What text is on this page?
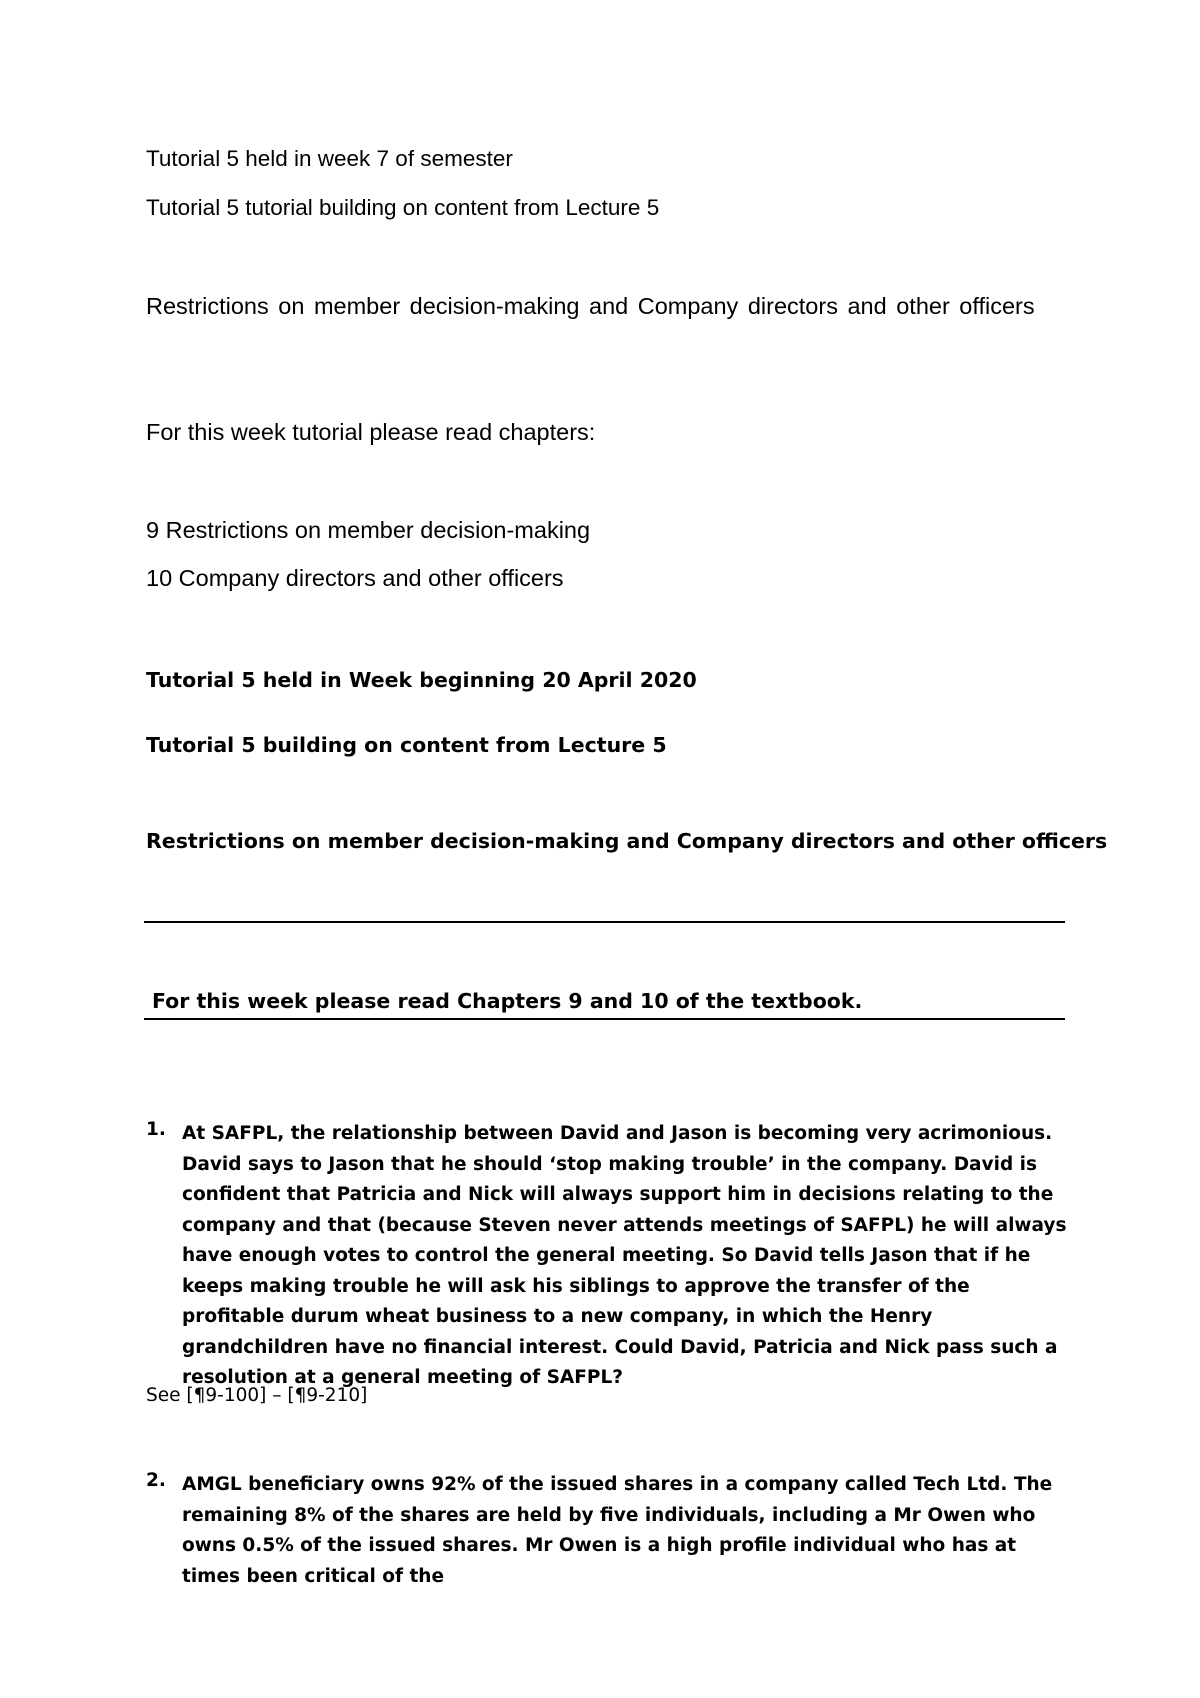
Tutorial 5 held in week 7 of semester

Tutorial 5 tutorial building on content from Lecture 5

Restrictions on member decision-making and Company directors and other officers

For this week tutorial please read chapters:

9 Restrictions on member decision-making

10 Company directors and other officers

Tutorial 5 held in Week beginning 20 April 2020

Tutorial 5 building on content from Lecture 5

Restrictions on member decision-making and Company directors and other officers

For this week please read Chapters 9 and 10 of the textbook.

1. At SAFPL, the relationship between David and Jason is becoming very acrimonious. David says to Jason that he should ‘stop making trouble’ in the company. David is confident that Patricia and Nick will always support him in decisions relating to the company and that (because Steven never attends meetings of SAFPL) he will always have enough votes to control the general meeting. So David tells Jason that if he keeps making trouble he will ask his siblings to approve the transfer of the profitable durum wheat business to a new company, in which the Henry grandchildren have no financial interest. Could David, Patricia and Nick pass such a resolution at a general meeting of SAFPL?

See [¶9-100] – [¶9-210]

2. AMGL beneficiary owns 92% of the issued shares in a company called Tech Ltd. The remaining 8% of the shares are held by five individuals, including a Mr Owen who owns 0.5% of the issued shares. Mr Owen is a high profile individual who has at times been critical of the
